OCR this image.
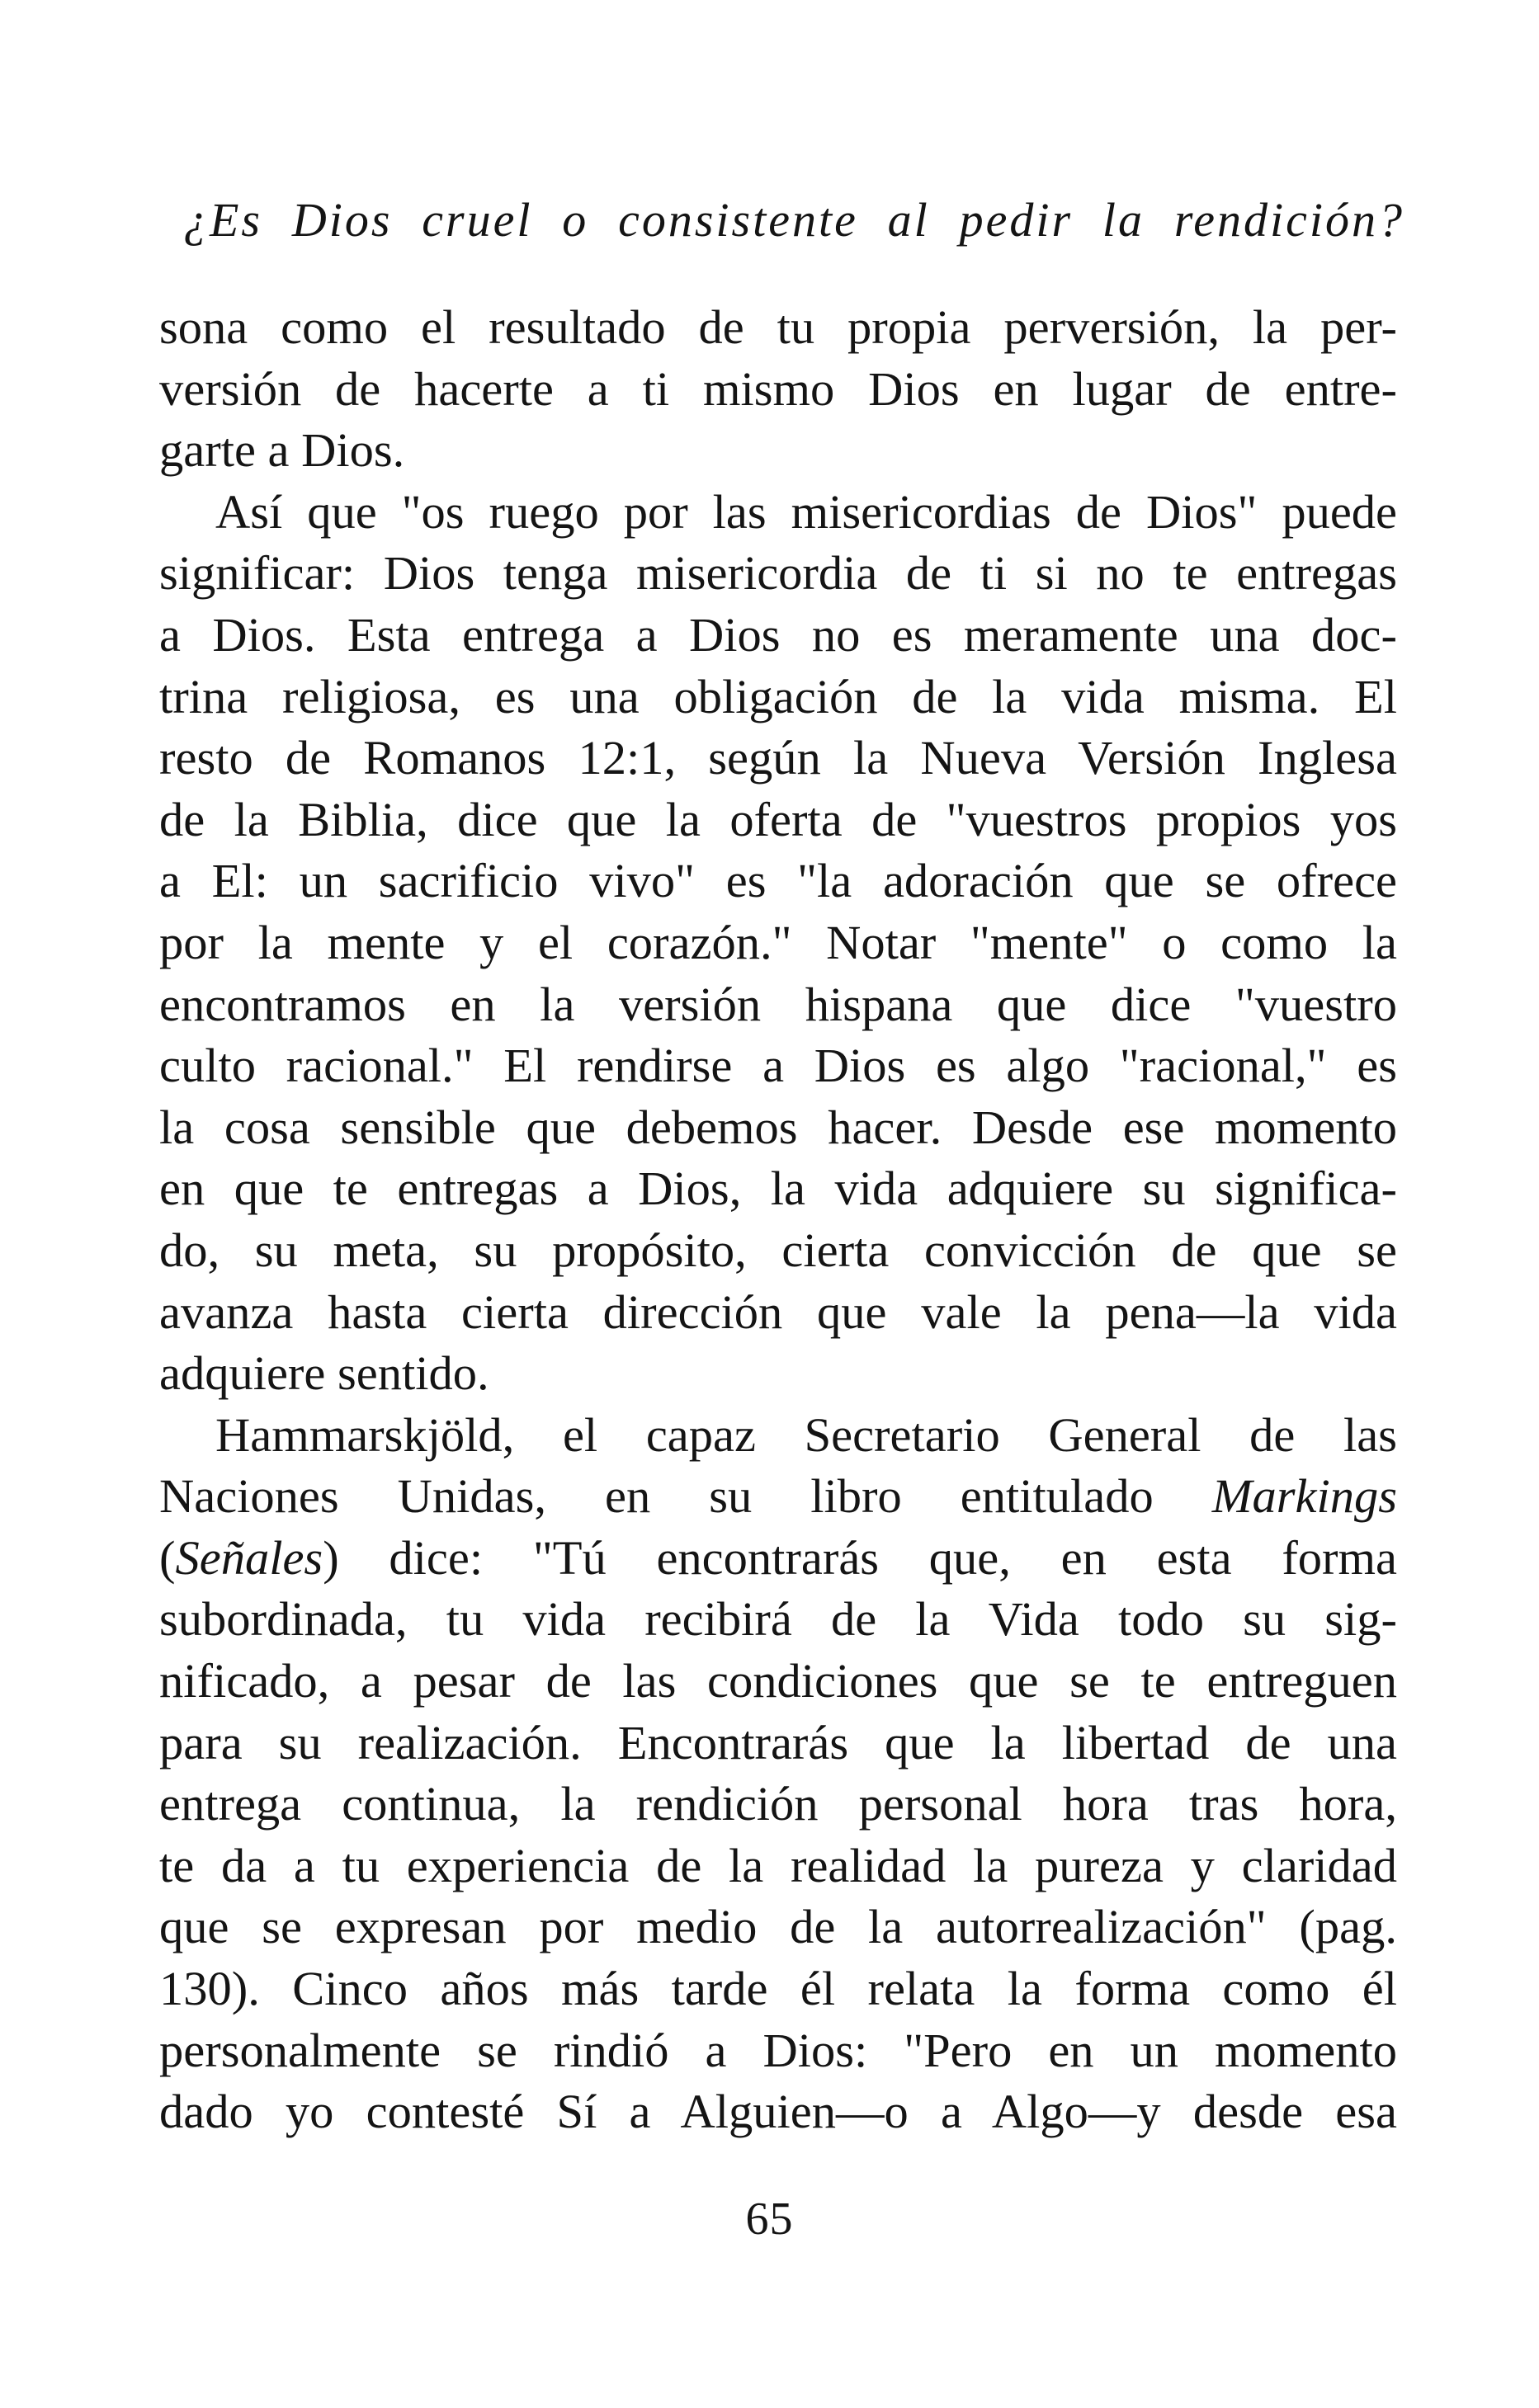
¿Es Dios cruel o consistente al pedir la rendición?
sona como el resultado de tu propia perversión, la per-
versión de hacerte a ti mismo Dios en lugar de entre-
garte a Dios.
Así que "os ruego por las misericordias de Dios" puede
significar: Dios tenga misericordia de ti si no te entregas
a Dios. Esta entrega a Dios no es meramente una doc-
trina religiosa, es una obligación de la vida misma. El
resto de Romanos 12:1, según la Nueva Versión Inglesa
de la Biblia, dice que la oferta de "vuestros propios yos
a El: un sacrificio vivo" es "la adoración que se ofrece
por la mente y el corazón." Notar "mente" o como la
encontramos en la versión hispana que dice "vuestro
culto racional." El rendirse a Dios es algo "racional," es
la cosa sensible que debemos hacer. Desde ese momento
en que te entregas a Dios, la vida adquiere su significa-
do, su meta, su propósito, cierta convicción de que se
avanza hasta cierta dirección que vale la pena—la vida
adquiere sentido.
Hammarskjöld, el capaz Secretario General de las
Naciones Unidas, en su libro entitulado Markings
(Señales) dice: "Tú encontrarás que, en esta forma
subordinada, tu vida recibirá de la Vida todo su sig-
nificado, a pesar de las condiciones que se te entreguen
para su realización. Encontrarás que la libertad de una
entrega continua, la rendición personal hora tras hora,
te da a tu experiencia de la realidad la pureza y claridad
que se expresan por medio de la autorrealización" (pag.
130). Cinco años más tarde él relata la forma como él
personalmente se rindió a Dios: "Pero en un momento
dado yo contesté Sí a Alguien—o a Algo—y desde esa
65
